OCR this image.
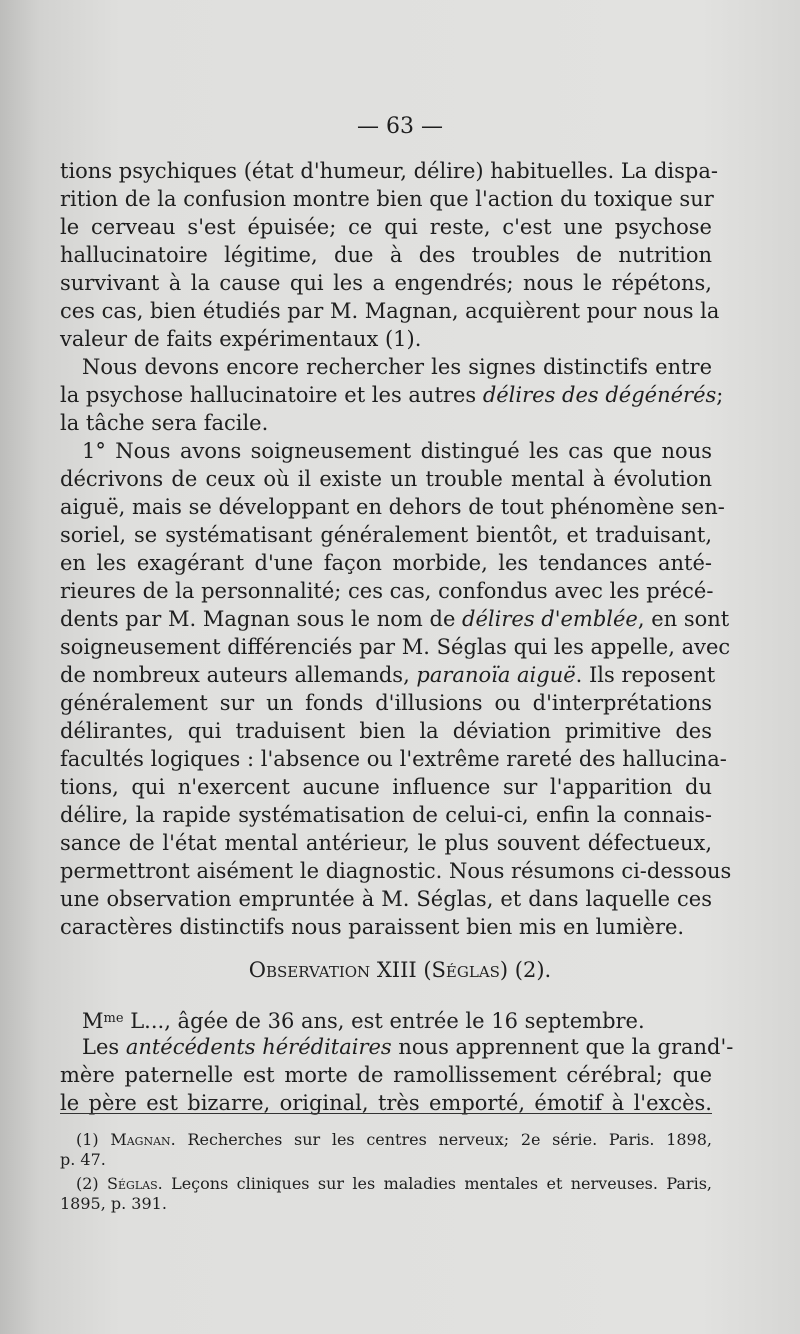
— 63 —
tions psychiques (état d'humeur, délire) habituelles. La dispa-
rition de la confusion montre bien que l'action du toxique sur
le cerveau s'est épuisée; ce qui reste, c'est une psychose
hallucinatoire légitime, due à des troubles de nutrition
survivant à la cause qui les a engendrés; nous le répétons,
ces cas, bien étudiés par M. Magnan, acquièrent pour nous la
valeur de faits expérimentaux (1).
Nous devons encore rechercher les signes distinctifs entre
la psychose hallucinatoire et les autres délires des dégénérés;
la tâche sera facile.
1° Nous avons soigneusement distingué les cas que nous
décrivons de ceux où il existe un trouble mental à évolution
aiguë, mais se développant en dehors de tout phénomène sen-
soriel, se systématisant généralement bientôt, et traduisant,
en les exagérant d'une façon morbide, les tendances anté-
rieures de la personnalité; ces cas, confondus avec les précé-
dents par M. Magnan sous le nom de délires d'emblée, en sont
soigneusement différenciés par M. Séglas qui les appelle, avec
de nombreux auteurs allemands, paranoïa aiguë. Ils reposent
généralement sur un fonds d'illusions ou d'interprétations
délirantes, qui traduisent bien la déviation primitive des
facultés logiques : l'absence ou l'extrême rareté des hallucina-
tions, qui n'exercent aucune influence sur l'apparition du
délire, la rapide systématisation de celui-ci, enfin la connais-
sance de l'état mental antérieur, le plus souvent défectueux,
permettront aisément le diagnostic. Nous résumons ci-dessous
une observation empruntée à M. Séglas, et dans laquelle ces
caractères distinctifs nous paraissent bien mis en lumière.
Observation XIII (Séglas) (2).
$M^{me}$ L..., âgée de 36 ans, est entrée le 16 septembre.
Les antécédents héréditaires nous apprennent que la grand'-
mère paternelle est morte de ramollissement cérébral; que
le père est bizarre, original, très emporté, émotif à l'excès.
(1) Magnan. Recherches sur les centres nerveux; 2e série. Paris. 1898,
p. 47.
(2) Séglas. Leçons cliniques sur les maladies mentales et nerveuses. Paris,
1895, p. 391.
